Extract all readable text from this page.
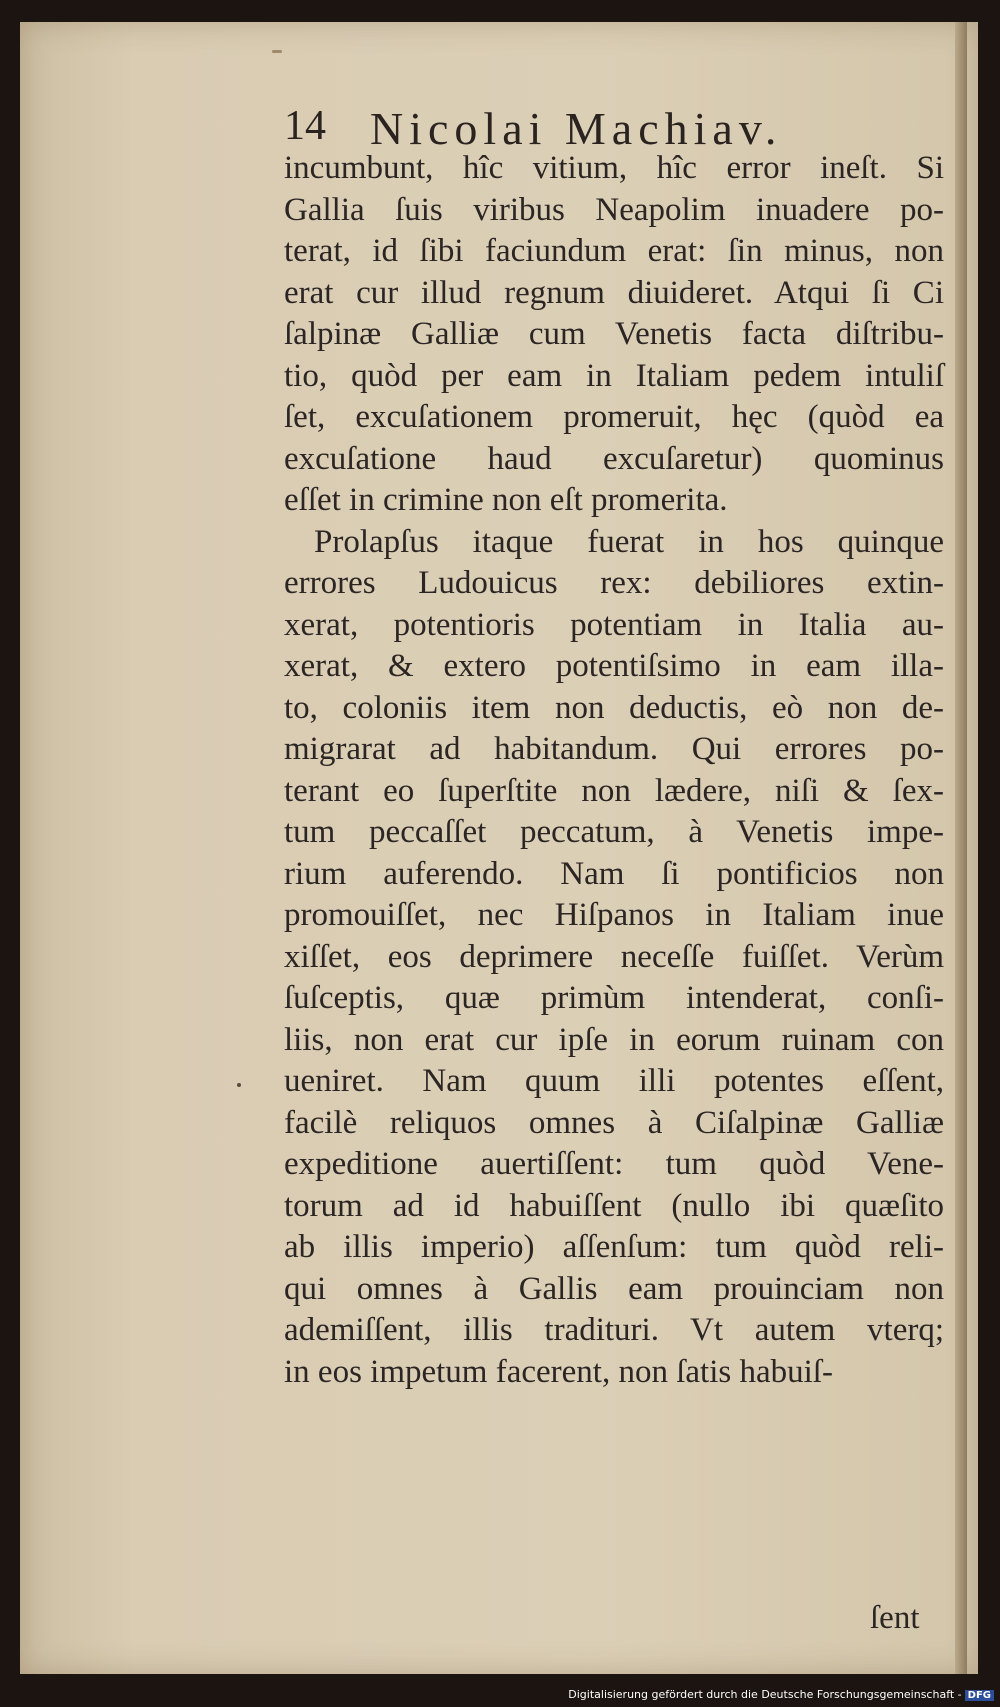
14 Nicolai Machiav.
incumbunt, hîc vitium, hîc error ineſt. Si
Gallia ſuis viribus Neapolim inuadere po-
terat, id ſibi faciundum erat: ſin minus, non
erat cur illud regnum diuideret. Atqui ſi Ci
ſalpinæ Galliæ cum Venetis facta diſtribu-
tio, quòd per eam in Italiam pedem intuliſ
ſet, excuſationem promeruit, hęc (quòd ea
excuſatione haud excuſaretur) quominus
eſſet in crimine non eſt promerita.
Prolapſus itaque fuerat in hos quinque
errores Ludouicus rex: debiliores extin-
xerat, potentioris potentiam in Italia au-
xerat, & extero potentiſsimo in eam illa-
to, coloniis item non deductis, eò non de-
migrarat ad habitandum. Qui errores po-
terant eo ſuperſtite non lædere, niſi & ſex-
tum peccaſſet peccatum, à Venetis impe-
rium auferendo. Nam ſi pontificios non
promouiſſet, nec Hiſpanos in Italiam inue
xiſſet, eos deprimere neceſſe fuiſſet. Verùm
ſuſceptis, quæ primùm intenderat, conſi-
liis, non erat cur ipſe in eorum ruinam con
ueniret. Nam quum illi potentes eſſent,
facilè reliquos omnes à Ciſalpinæ Galliæ
expeditione auertiſſent: tum quòd Vene-
torum ad id habuiſſent (nullo ibi quæſito
ab illis imperio) aſſenſum: tum quòd reli-
qui omnes à Gallis eam prouinciam non
ademiſſent, illis tradituri. Vt autem vterq;
in eos impetum facerent, non ſatis habuiſ-
ſent
Digitalisierung gefördert durch die Deutsche Forschungsgemeinschaft - DFG
